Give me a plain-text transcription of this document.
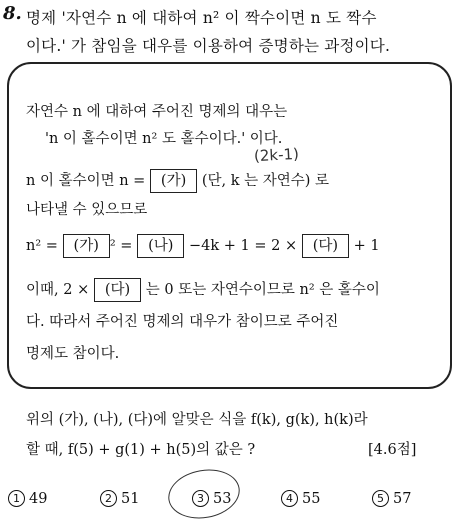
8. 명제 '자연수 n 에 대하여 n² 이 짝수이면 n 도 짝수
이다.' 가 참임을 대우를 이용하여 증명하는 과정이다.
자연수 n 에 대하여 주어진 명제의 대우는
'n 이 홀수이면 n² 도 홀수이다.' 이다.
(2k-1)
n 이 홀수이면 n = (가) (단, k 는 자연수) 로
나타낼 수 있으므로
n² = (가) ² = (나) −4k + 1 = 2 × (다) + 1
이때, 2 × (다) 는 0 또는 자연수이므로 n² 은 홀수이
다. 따라서 주어진 명제의 대우가 참이므로 주어진
명제도 참이다.
위의 (가), (나), (다)에 알맞은 식을 f(k), g(k), h(k)라
할 때, f(5) + g(1) + h(5)의 값은 ?	[4.6점]
1 49	2 51	3 53	4 55	5 57
